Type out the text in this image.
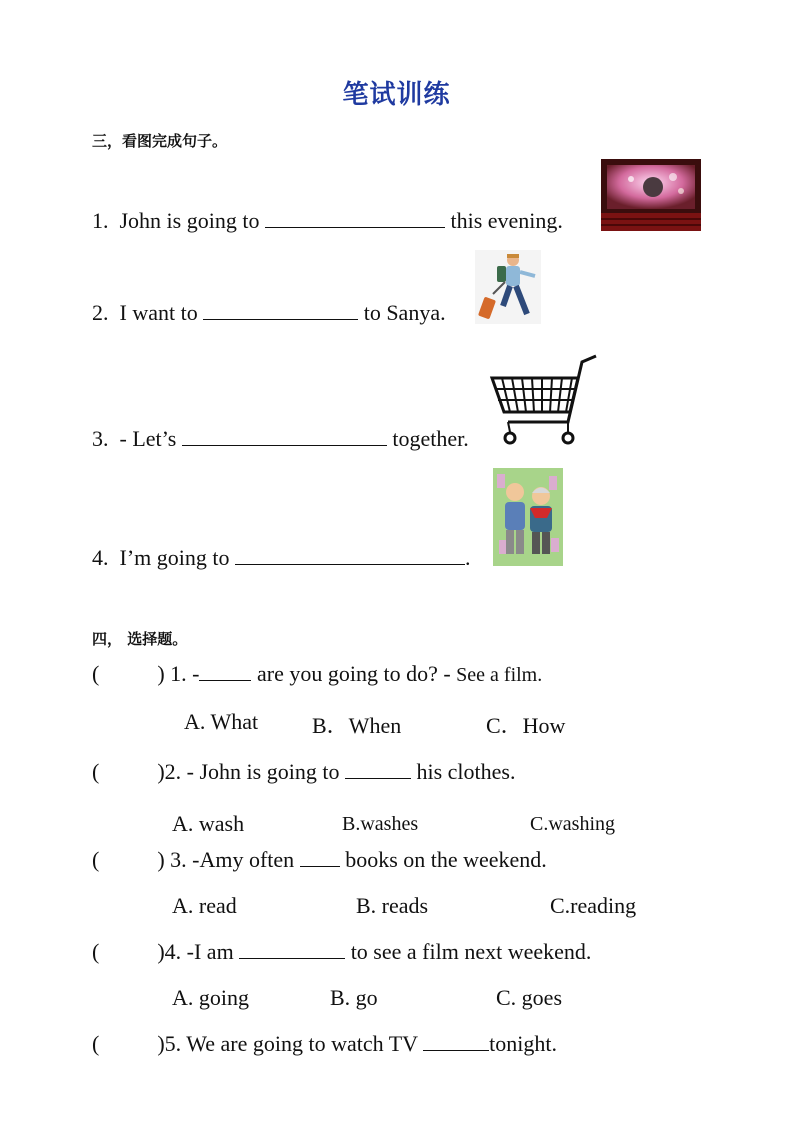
笔试训练
三，看图完成句子。
1. John is going to	this evening.
2. I want to	to Sanya.
3. - Let’s	together.
4. I’m going to	.
四， 选择题。
(	) 1. -	are you going to do? - See a film.
A. What B．When	C．How
(	)2. - John is going to	his clothes.
A. wash	B.washes	C.washing
(	) 3. -Amy often books on the weekend.
A. read	B. reads	C.reading
(	)4. -I am	to see a film next weekend.
A. going	B. go	C. goes
(	)5. We are going to watch TV	tonight.
